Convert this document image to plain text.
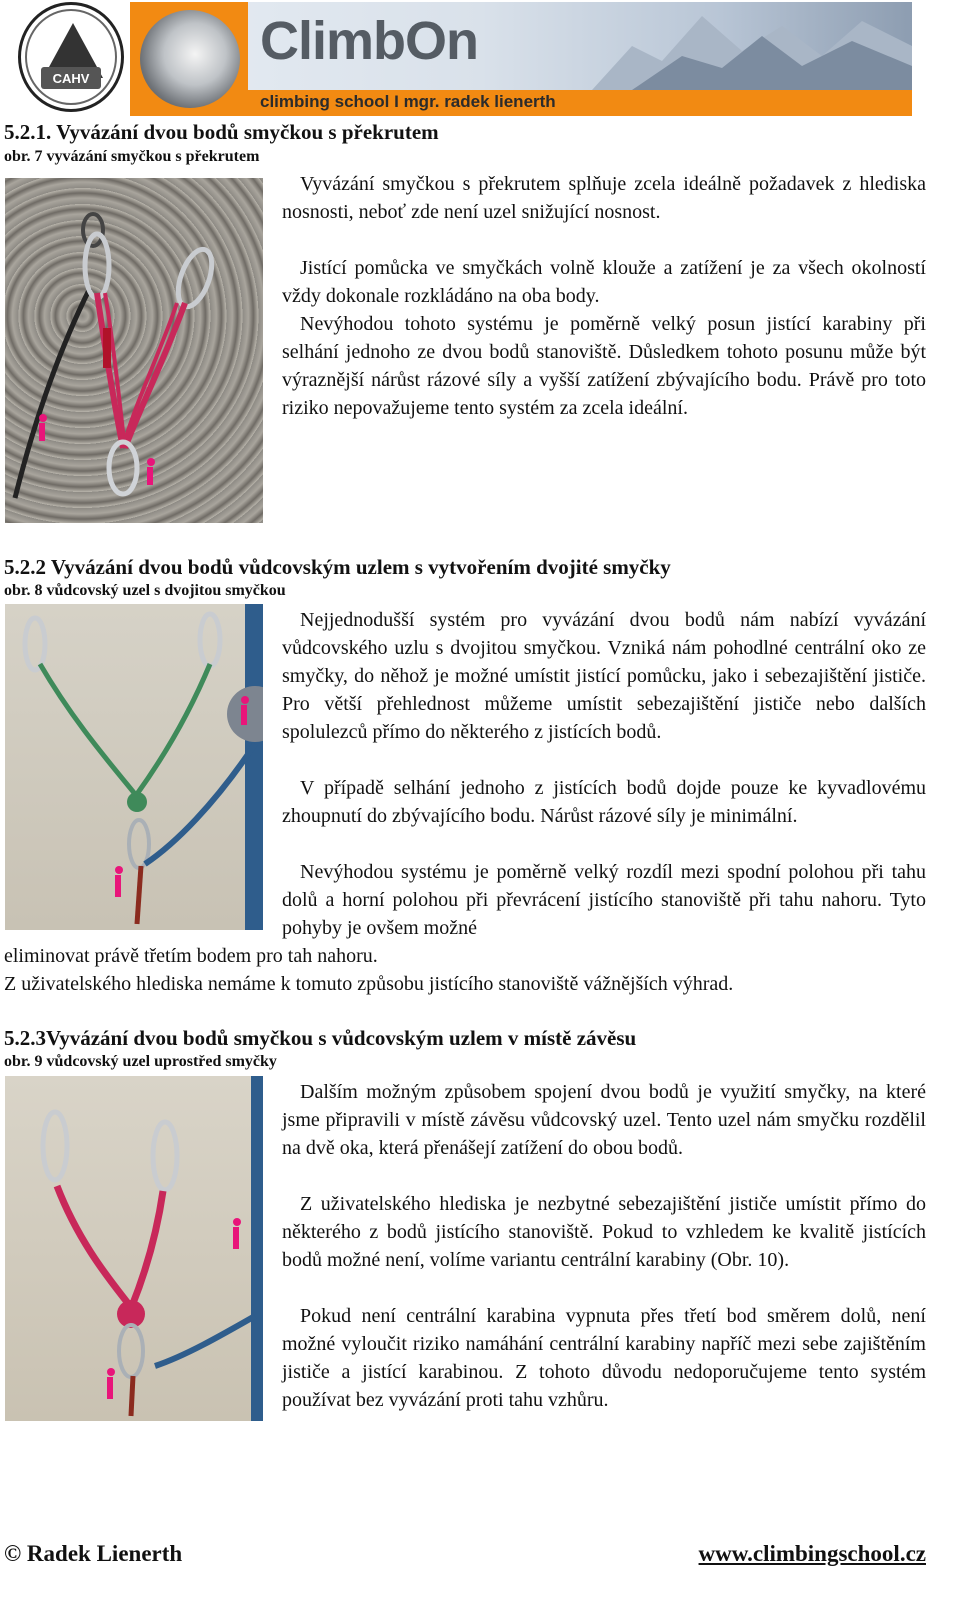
CAHV
ClimbOn
climbing school I mgr. radek lienerth
5.2.1. Vyvázání dvou bodů smyčkou s překrutem
obr. 7 vyvázání smyčkou s překrutem

Vyvázání smyčkou s překrutem splňuje zcela ideálně požadavek z hlediska nosnosti, neboť zde není uzel snižující nosnost.

Jistící pomůcka ve smyčkách volně klouže a zatížení je za všech okolností vždy dokonale rozkládáno na oba body.

Nevýhodou tohoto systému je poměrně velký posun jistící karabiny při selhání jednoho ze dvou bodů stanoviště. Důsledkem tohoto posunu může být výraznější nárůst rázové síly a vyšší zatížení zbývajícího bodu. Právě pro toto riziko nepovažujeme tento systém za zcela ideální.

5.2.2 Vyvázání dvou bodů vůdcovským uzlem s vytvořením dvojité smyčky
obr. 8 vůdcovský uzel s dvojitou smyčkou

Nejjednodušší systém pro vyvázání dvou bodů nám nabízí vyvázání vůdcovského uzlu s dvojitou smyčkou. Vzniká nám pohodlné centrální oko ze smyčky, do něhož je možné umístit jistící pomůcku, jako i sebezajištění jističe. Pro větší přehlednost můžeme umístit sebezajištění jističe nebo dalších spolulezců přímo do některého z jistících bodů.

V případě selhání jednoho z jistících bodů dojde pouze ke kyvadlovému zhoupnutí do zbývajícího bodu. Nárůst rázové síly je minimální.

Nevýhodou systému je poměrně velký rozdíl mezi spodní polohou při tahu dolů a horní polohou při převrácení jistícího stanoviště při tahu nahoru. Tyto pohyby je ovšem možné

eliminovat právě třetím bodem pro tah nahoru.

Z uživatelského hlediska nemáme k tomuto způsobu jistícího stanoviště vážnějších výhrad.

5.2.3Vyvázání dvou bodů smyčkou s vůdcovským uzlem v místě závěsu
obr. 9 vůdcovský uzel uprostřed smyčky

Dalším možným způsobem spojení dvou bodů je využití smyčky, na které jsme připravili v místě závěsu vůdcovský uzel. Tento uzel nám smyčku rozdělil na dvě oka, která přenášejí zatížení do obou bodů.

Z uživatelského hlediska je nezbytné sebezajištění jističe umístit přímo do některého z bodů jistícího stanoviště. Pokud to vzhledem ke kvalitě jistících bodů možné není, volíme variantu centrální karabiny (Obr. 10).

Pokud není centrální karabina vypnuta přes třetí bod směrem dolů, není možné vyloučit riziko namáhání centrální karabiny napříč mezi sebe zajištěním jističe a jistící karabinou. Z tohoto důvodu nedoporučujeme tento systém používat bez vyvázání proti tahu vzhůru.

© Radek Lienerth	www.climbingschool.cz
